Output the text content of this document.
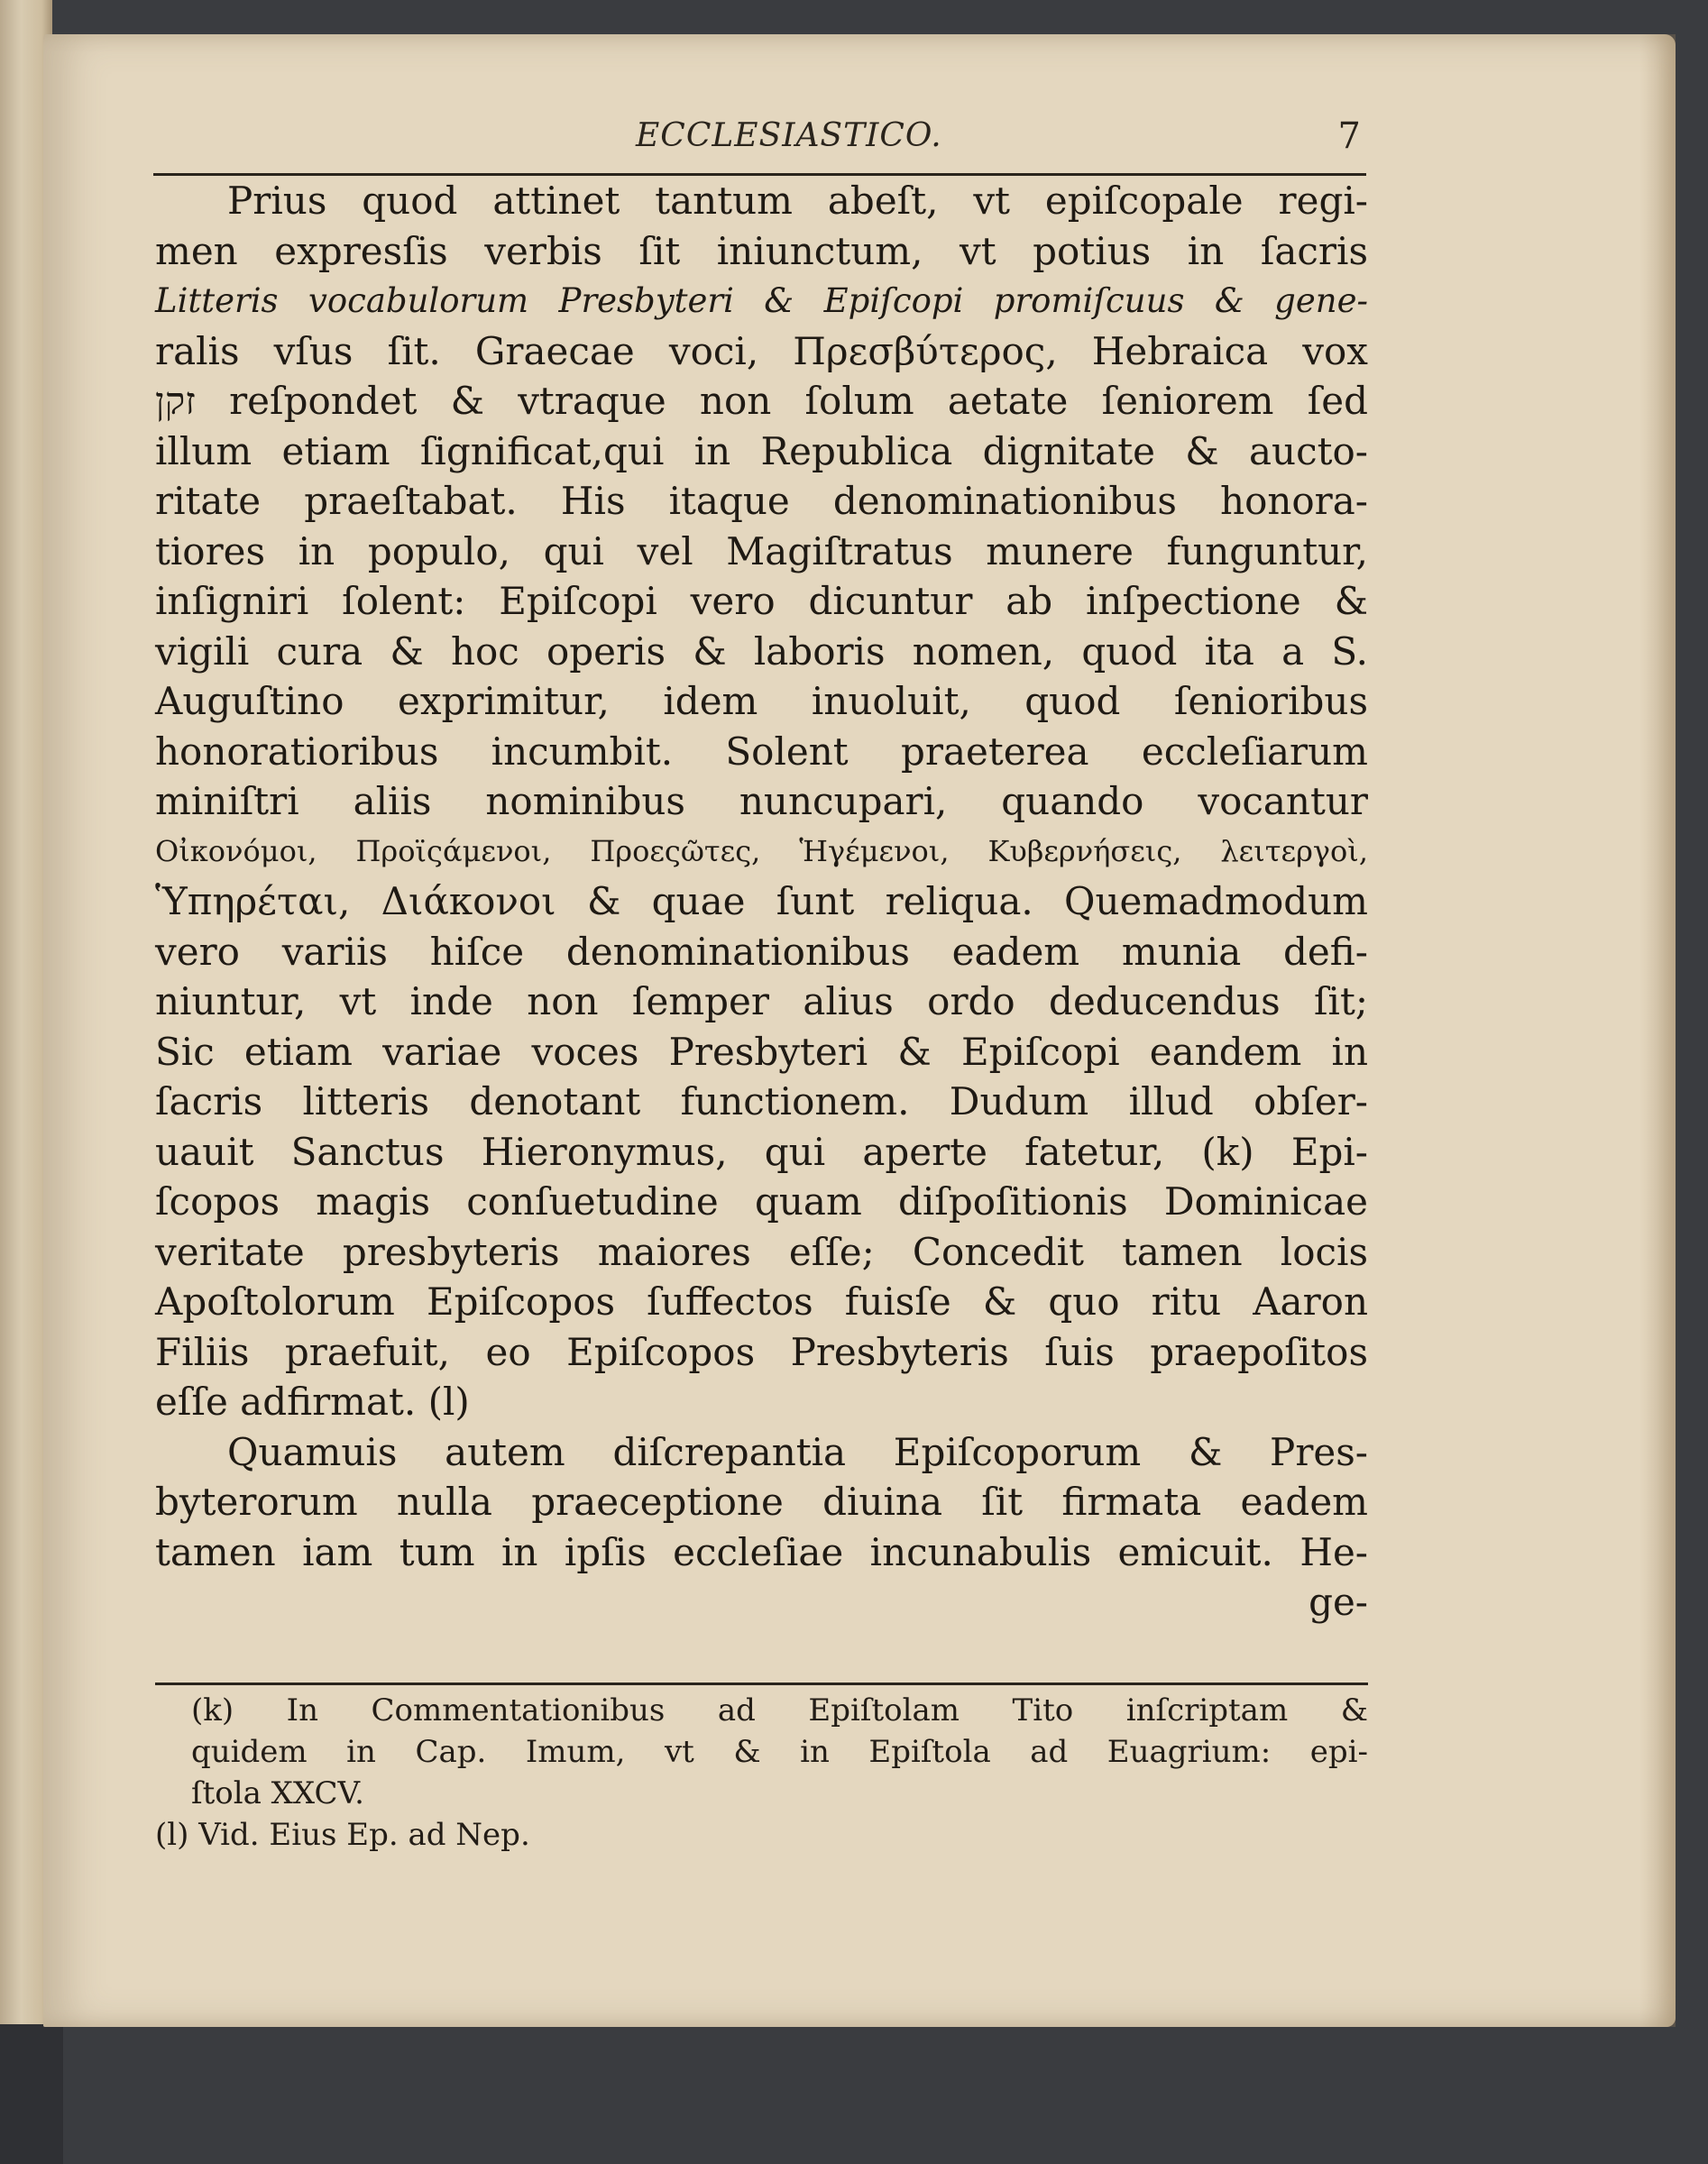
ECCLESIASTICO.	7
Prius quod attinet tantum abeſt, vt epiſcopale regi-
men expresſis verbis ſit iniunctum, vt potius in ſacris
Litteris vocabulorum Presbyteri & Epiſcopi promiſcuus & gene-
ralis vſus ſit. Graecae voci, Πρεσβύτερος, Hebraica vox
זקן reſpondet & vtraque non ſolum aetate ſeniorem ſed
illum etiam ſignificat,qui in Republica dignitate & aucto-
ritate praeſtabat. His itaque denominationibus honora-
tiores in populo, qui vel Magiſtratus munere funguntur,
inſigniri ſolent: Epiſcopi vero dicuntur ab inſpectione &
vigili cura & hoc operis & laboris nomen, quod ita a S.
Auguſtino exprimitur, idem inuoluit, quod ſenioribus
honoratioribus incumbit. Solent praeterea eccleſiarum
miniſtri aliis nominibus nuncupari, quando vocantur
Οἰκονόμοι, Προϊςάμενοι, Προεςῶτες, Ἡγέμενοι, Κυβερνήσεις, λειτεργοὶ,
Ὑπηρέται, Διάκονοι & quae ſunt reliqua. Quemadmodum
vero variis hiſce denominationibus eadem munia defi-
niuntur, vt inde non ſemper alius ordo deducendus ſit;
Sic etiam variae voces Presbyteri & Epiſcopi eandem in
ſacris litteris denotant functionem. Dudum illud obſer-
uauit Sanctus Hieronymus, qui aperte fatetur, (k) Epi-
ſcopos magis conſuetudine quam diſpoſitionis Dominicae
veritate presbyteris maiores eſſe; Concedit tamen locis
Apoſtolorum Epiſcopos ſuffectos fuisſe & quo ritu Aaron
Filiis praefuit, eo Epiſcopos Presbyteris ſuis praepoſitos
eſſe adfirmat. (l)
Quamuis autem diſcrepantia Epiſcoporum & Pres-
byterorum nulla praeceptione diuina ſit firmata eadem
tamen iam tum in ipſis eccleſiae incunabulis emicuit. He-
ge-
(k) In Commentationibus ad Epiſtolam Tito inſcriptam &
quidem in Cap. Imum, vt & in Epiſtola ad Euagrium: epi-
ſtola XXCV.
(l) Vid. Eius Ep. ad Nep.
